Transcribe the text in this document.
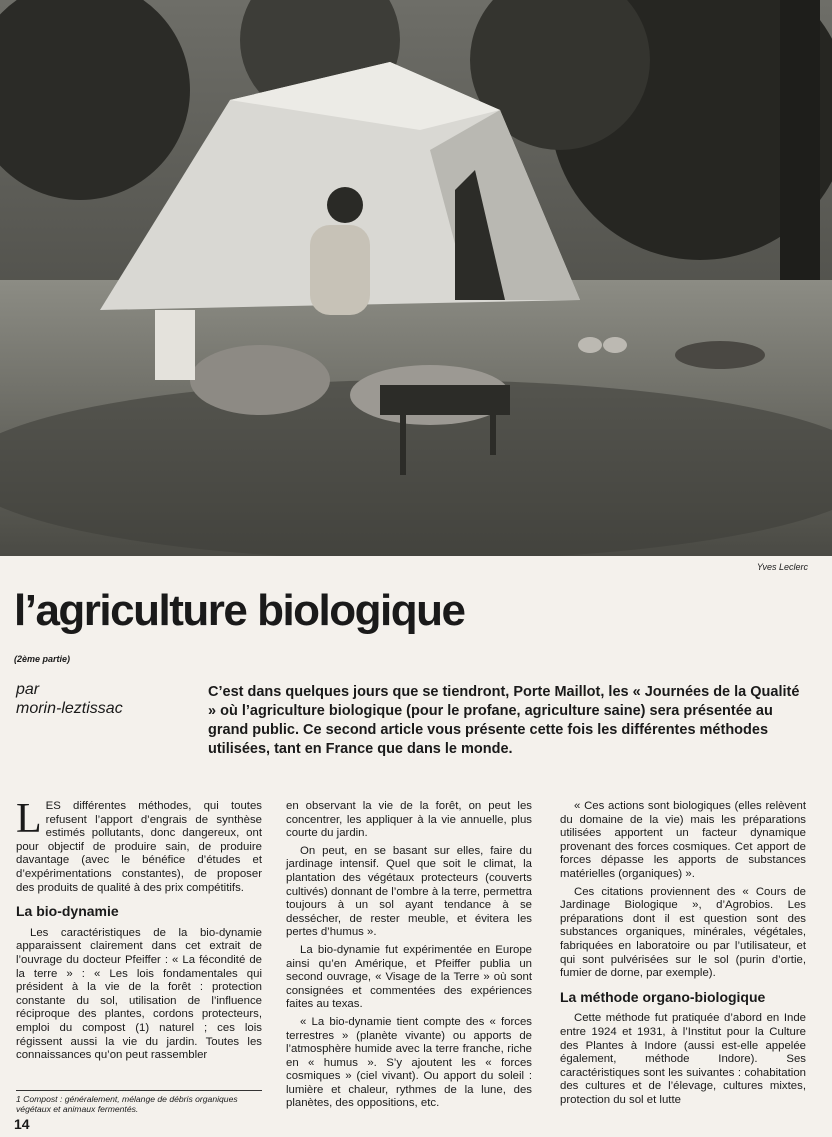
Yves Leclerc
l’agriculture biologique
(2ème partie)
par
morin-leztissac

C’est dans quelques jours que se tiendront, Porte Maillot, les « Journées de la Qualité » où l’agriculture biologique (pour le profane, agriculture saine) sera présentée au grand public. Ce second article vous présente cette fois les différentes méthodes utilisées, tant en France que dans le monde.

LES différentes méthodes, qui toutes refusent l’apport d’engrais de synthèse estimés pollutants, donc dangereux, ont pour objectif de produire sain, de produire davantage (avec le bénéfice d’études et d’expérimentations constantes), de proposer des produits de qualité à des prix compétitifs.

La bio-dynamie

Les caractéristiques de la bio-dynamie apparaissent clairement dans cet extrait de l’ouvrage du docteur Pfeiffer : « La fécondité de la terre » : « Les lois fondamentales qui président à la vie de la forêt : protection constante du sol, utilisation de l’influence réciproque des plantes, cordons protecteurs, emploi du compost (1) naturel ; ces lois régissent aussi la vie du jardin. Toutes les connaissances qu’on peut rassembler

en observant la vie de la forêt, on peut les concentrer, les appliquer à la vie annuelle, plus courte du jardin.

On peut, en se basant sur elles, faire du jardinage intensif. Quel que soit le climat, la plantation des végétaux protecteurs (couverts cultivés) donnant de l’ombre à la terre, permettra toujours à un sol ayant tendance à se dessécher, de rester meuble, et évitera les pertes d’humus ».

La bio-dynamie fut expérimentée en Europe ainsi qu’en Amérique, et Pfeiffer publia un second ouvrage, « Visage de la Terre » où sont consignées et commentées des expériences faites au texas.

« La bio-dynamie tient compte des « forces terrestres » (planète vivante) ou apports de l’atmosphère humide avec la terre franche, riche en « humus ». S’y ajoutent les « forces cosmiques » (ciel vivant). Ou apport du soleil : lumière et chaleur, rythmes de la lune, des planètes, des oppositions, etc.

« Ces actions sont biologiques (elles relèvent du domaine de la vie) mais les préparations utilisées apportent un facteur dynamique provenant des forces cosmiques. Cet apport de forces dépasse les apports de substances matérielles (organiques) ».

Ces citations proviennent des « Cours de Jardinage Biologique », d’Agrobios. Les préparations dont il est question sont des substances organiques, minérales, végétales, fabriquées en laboratoire ou par l’utilisateur, et qui sont pulvérisées sur le sol (purin d’ortie, fumier de dorne, par exemple).

La méthode organo-biologique

Cette méthode fut pratiquée d’abord en Inde entre 1924 et 1931, à l’Institut pour la Culture des Plantes à Indore (aussi est-elle appelée également, méthode Indore). Ses caractéristiques sont les suivantes : cohabitation des cultures et de l’élevage, cultures mixtes, protection du sol et lutte

1 Compost : généralement, mélange de débris organiques végétaux et animaux fermentés.
14
